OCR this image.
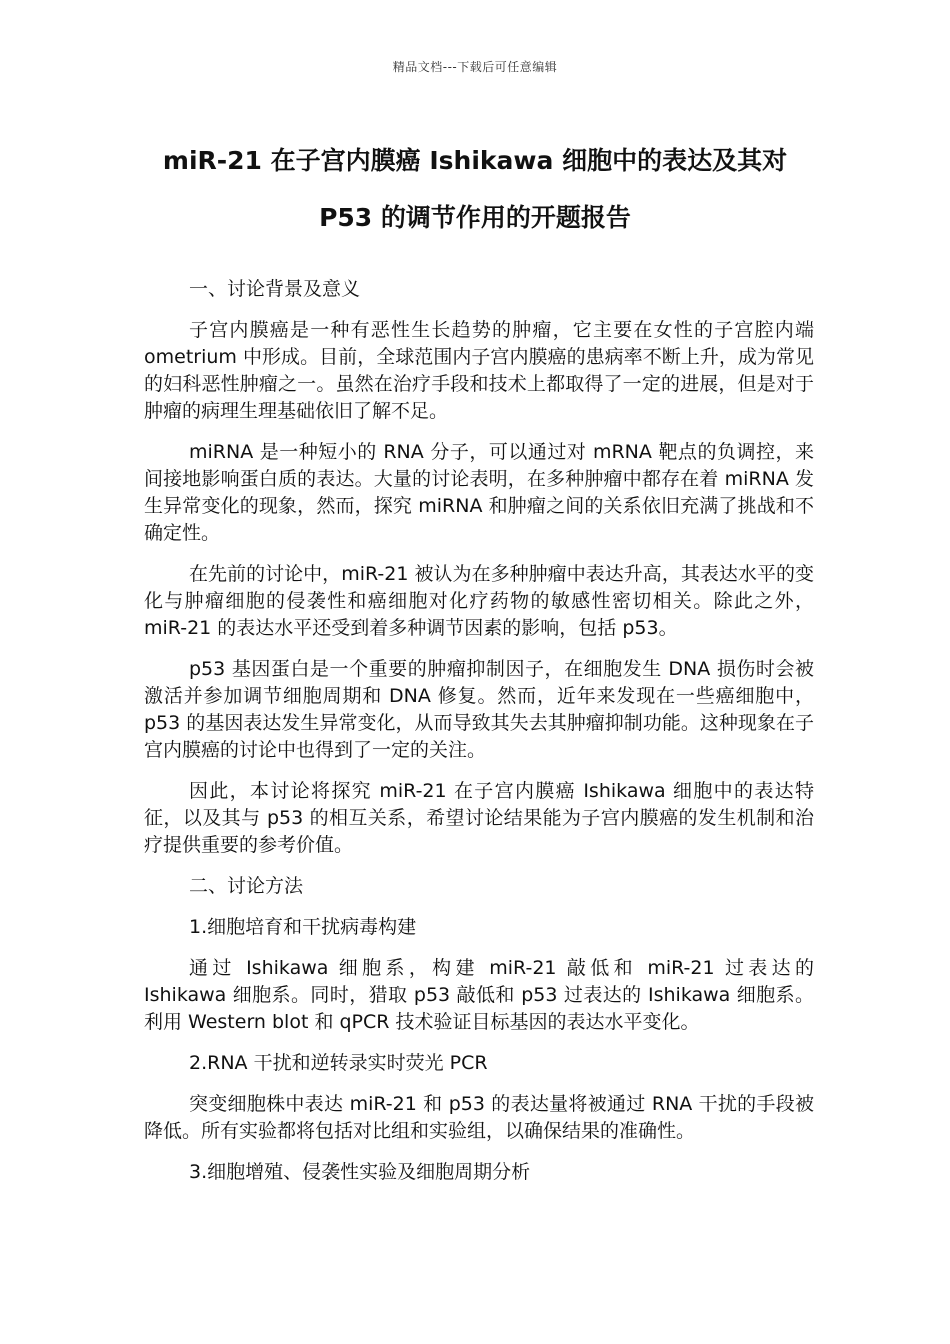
精品文档---下载后可任意编辑
miR-21 在子宫内膜癌 Ishikawa 细胞中的表达及其对
P53 的调节作用的开题报告
一、讨论背景及意义

子宫内膜癌是一种有恶性生长趋势的肿瘤，它主要在女性的子宫腔内端 ometrium 中形成。目前，全球范围内子宫内膜癌的患病率不断上升，成为常见的妇科恶性肿瘤之一。虽然在治疗手段和技术上都取得了一定的进展，但是对于肿瘤的病理生理基础依旧了解不足。

miRNA 是一种短小的 RNA 分子，可以通过对 mRNA 靶点的负调控，来间接地影响蛋白质的表达。大量的讨论表明，在多种肿瘤中都存在着 miRNA 发生异常变化的现象，然而，探究 miRNA 和肿瘤之间的关系依旧充满了挑战和不确定性。

在先前的讨论中，miR-21 被认为在多种肿瘤中表达升高，其表达水平的变化与肿瘤细胞的侵袭性和癌细胞对化疗药物的敏感性密切相关。除此之外，miR-21 的表达水平还受到着多种调节因素的影响，包括 p53。

p53 基因蛋白是一个重要的肿瘤抑制因子，在细胞发生 DNA 损伤时会被激活并参加调节细胞周期和 DNA 修复。然而，近年来发现在一些癌细胞中， p53 的基因表达发生异常变化，从而导致其失去其肿瘤抑制功能。这种现象在子宫内膜癌的讨论中也得到了一定的关注。

因此，本讨论将探究 miR-21 在子宫内膜癌 Ishikawa 细胞中的表达特征，以及其与 p53 的相互关系，希望讨论结果能为子宫内膜癌的发生机制和治疗提供重要的参考价值。

二、讨论方法
1.细胞培育和干扰病毒构建

通过 Ishikawa 细胞系，构建 miR-21 敲低和 miR-21 过表达的 Ishikawa 细胞系。同时，猎取 p53 敲低和 p53 过表达的 Ishikawa 细胞系。利用 Western blot 和 qPCR 技术验证目标基因的表达水平变化。

2.RNA 干扰和逆转录实时荧光 PCR

突变细胞株中表达 miR-21 和 p53 的表达量将被通过 RNA 干扰的手段被降低。所有实验都将包括对比组和实验组，以确保结果的准确性。

3.细胞增殖、侵袭性实验及细胞周期分析
